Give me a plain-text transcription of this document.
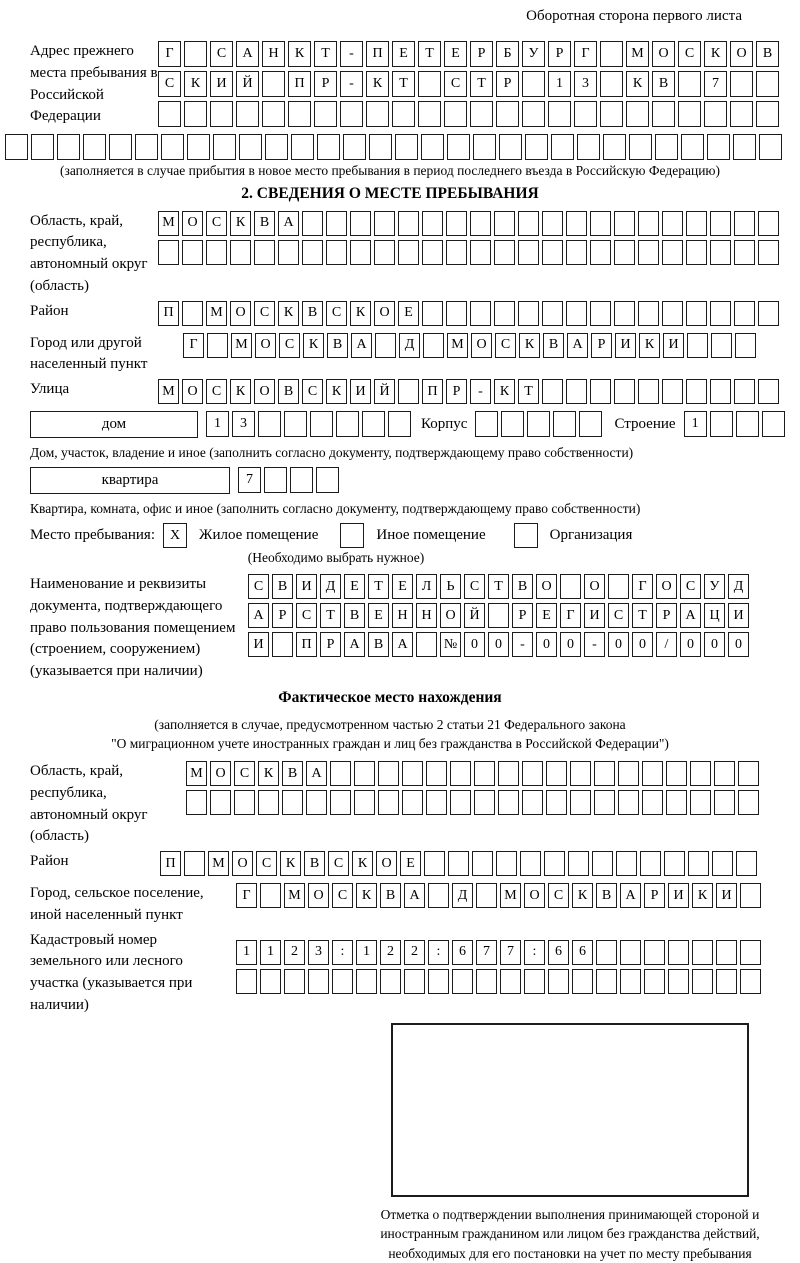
Оборотная сторона первого листа
Адрес прежнего места пребывания в Российской Федерации
Г	С	А	Н	К	Т	-	П	Е	Т	Е	Р	Б	У	Р	Г	М	О	С	К	О	В
С	К	И	Й	П	Р	-	К	Т	С	Т	Р	1	3	К	В	7
(заполняется в случае прибытия в новое место пребывания в период последнего въезда в Российскую Федерацию)
2. СВЕДЕНИЯ О МЕСТЕ ПРЕБЫВАНИЯ
Область, край, республика, автономный округ (область)
М О	С	К	В	А
Район	П	М О	С	К	В	С	К	О	Е
Город или другой населенный пункт
Г	М О	С	К	В	А	Д	М О	С	К	В	А	Р	И	К	И
Улица	М О	С	К	О	В	С	К	И Й	П	Р	-	К	Т
дом	1	3	Корпус	Строение	1
Дом, участок, владение и иное (заполнить согласно документу, подтверждающему право собственности)
квартира	7
Квартира, комната, офис и иное (заполнить согласно документу, подтверждающему право собственности)
Место пребывания:	X	Жилое помещение	Иное помещение	Организация
(Необходимо выбрать нужное)
Наименование и реквизиты документа, подтверждающего право пользования помещением (строением, сооружением) (указывается при наличии)
С	В	И	Д	Е	Т	Е	Л	Ь	С	Т	В	О	О	Г	О	С	У	Д
А	Р	С	Т	В	Е	Н Н О Й	Р	Е	Г	И	С	Т	Р	А Ц И
И	П	Р	А	В	А	№ 0	0	-	0	0	-	0	0	/	0	0	0
Фактическое место нахождения
(заполняется в случае, предусмотренном частью 2 статьи 21 Федерального закона
"О миграционном учете иностранных граждан и лиц без гражданства в Российской Федерации")
Область, край, республика, автономный округ (область)
М О	С	К	В	А
Район	П	М О	С	К	В	С	К	О	Е
Город, сельское поселение, иной населенный пункт
Г	М О	С	К	В	А	Д	М О	С	К	В	А	Р	И	К	И
Кадастровый номер земельного или лесного участка (указывается при наличии)
1	1	2	3	:	1	2	2	:	6	7	7	:	6	6
Отметка о подтверждении выполнения принимающей стороной и иностранным гражданином или лицом без гражданства действий, необходимых для его постановки на учет по месту пребывания
